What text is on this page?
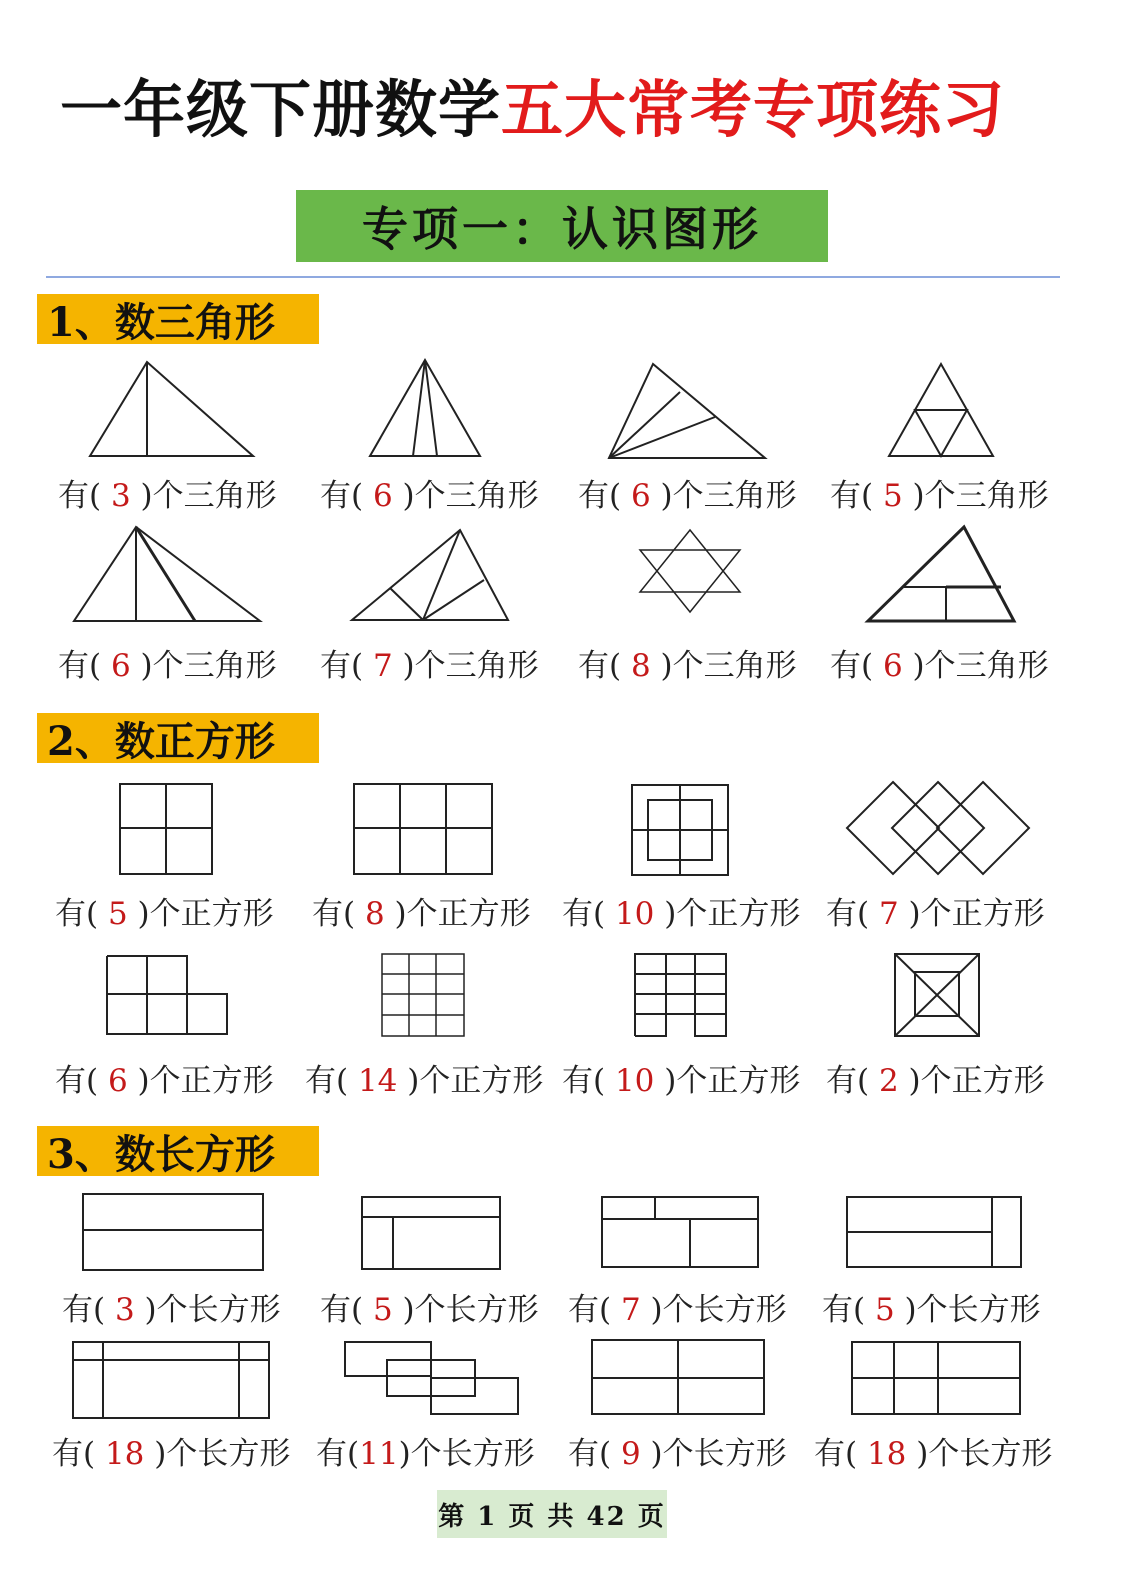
一年级下册数学五大常考专项练习
专项一：认识图形
1、数三角形
2、数正方形
3、数长方形
有( 3 )个三角形 有( 6 )个三角形 有( 6 )个三角形 有( 5 )个三角形
有( 6 )个三角形 有( 7 )个三角形 有( 8 )个三角形 有( 6 )个三角形
有( 5 )个正方形 有( 8 )个正方形 有( 10 )个正方形 有( 7 )个正方形
有( 6 )个正方形 有( 14 )个正方形 有( 10 )个正方形 有( 2 )个正方形
有( 3 )个长方形 有( 5 )个长方形 有( 7 )个长方形 有( 5 )个长方形
有( 18 )个长方形 有(11)个长方形 有( 9 )个长方形 有( 18 )个长方形
第 1 页 共 42 页
